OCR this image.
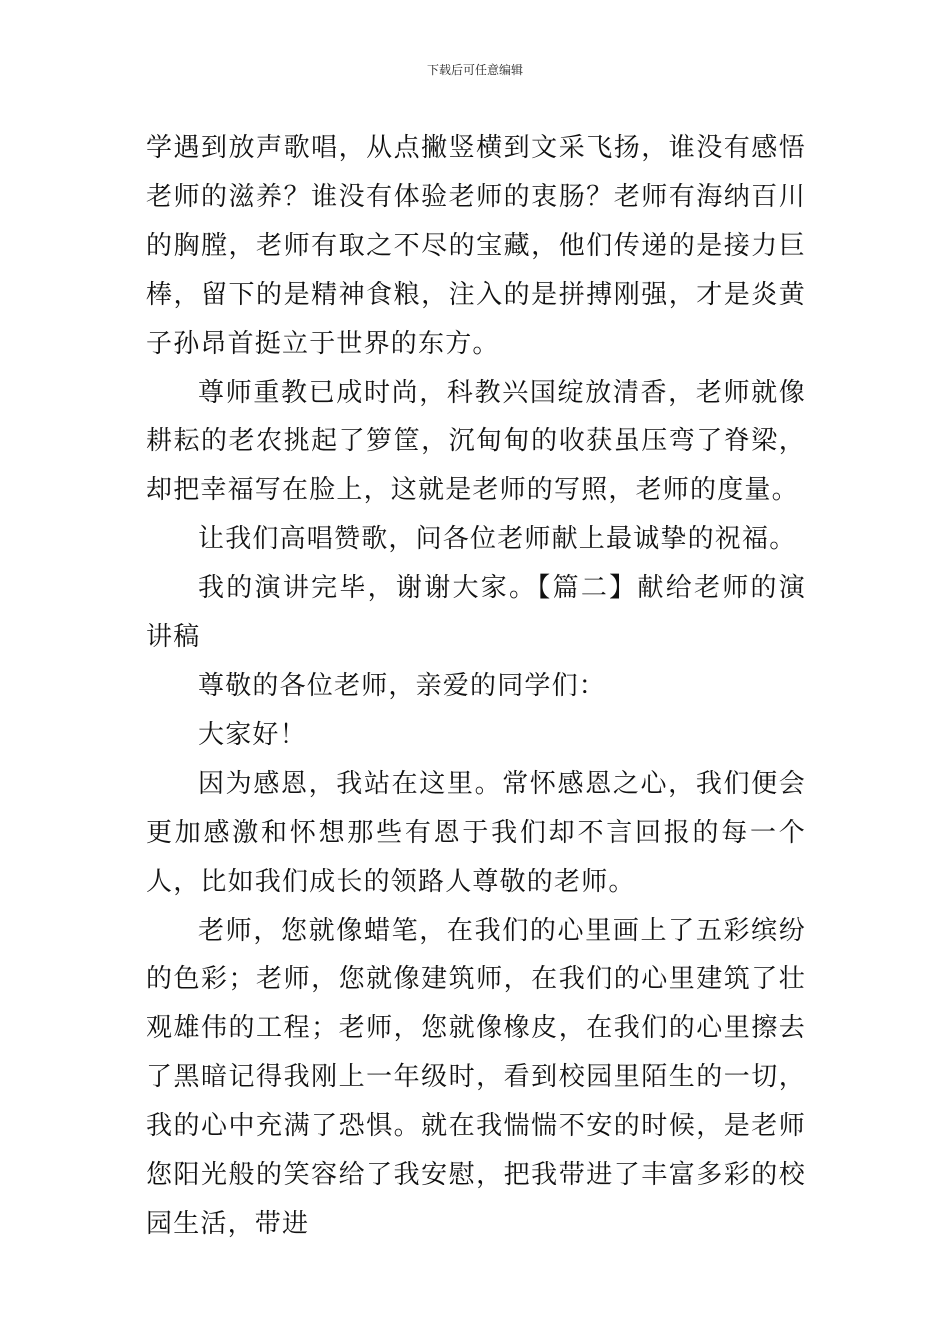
下载后可任意编辑

学遇到放声歌唱，从点撇竖横到文采飞扬，谁没有感悟老师的滋养？谁没有体验老师的衷肠？老师有海纳百川的胸膛，老师有取之不尽的宝藏，他们传递的是接力巨棒，留下的是精神食粮，注入的是拼搏刚强，才是炎黄子孙昂首挺立于世界的东方。

尊师重教已成时尚，科教兴国绽放清香，老师就像耕耘的老农挑起了箩筐，沉甸甸的收获虽压弯了脊梁，却把幸福写在脸上，这就是老师的写照，老师的度量。

让我们高唱赞歌，问各位老师献上最诚挚的祝福。

我的演讲完毕，谢谢大家。【篇二】献给老师的演讲稿

尊敬的各位老师，亲爱的同学们：

大家好！

因为感恩，我站在这里。常怀感恩之心，我们便会更加感激和怀想那些有恩于我们却不言回报的每一个人，比如我们成长的领路人尊敬的老师。

老师，您就像蜡笔，在我们的心里画上了五彩缤纷的色彩；老师，您就像建筑师，在我们的心里建筑了壮观雄伟的工程；老师，您就像橡皮，在我们的心里擦去了黑暗记得我刚上一年级时，看到校园里陌生的一切，我的心中充满了恐惧。就在我惴惴不安的时候，是老师您阳光般的笑容给了我安慰，把我带进了丰富多彩的校园生活，带进
